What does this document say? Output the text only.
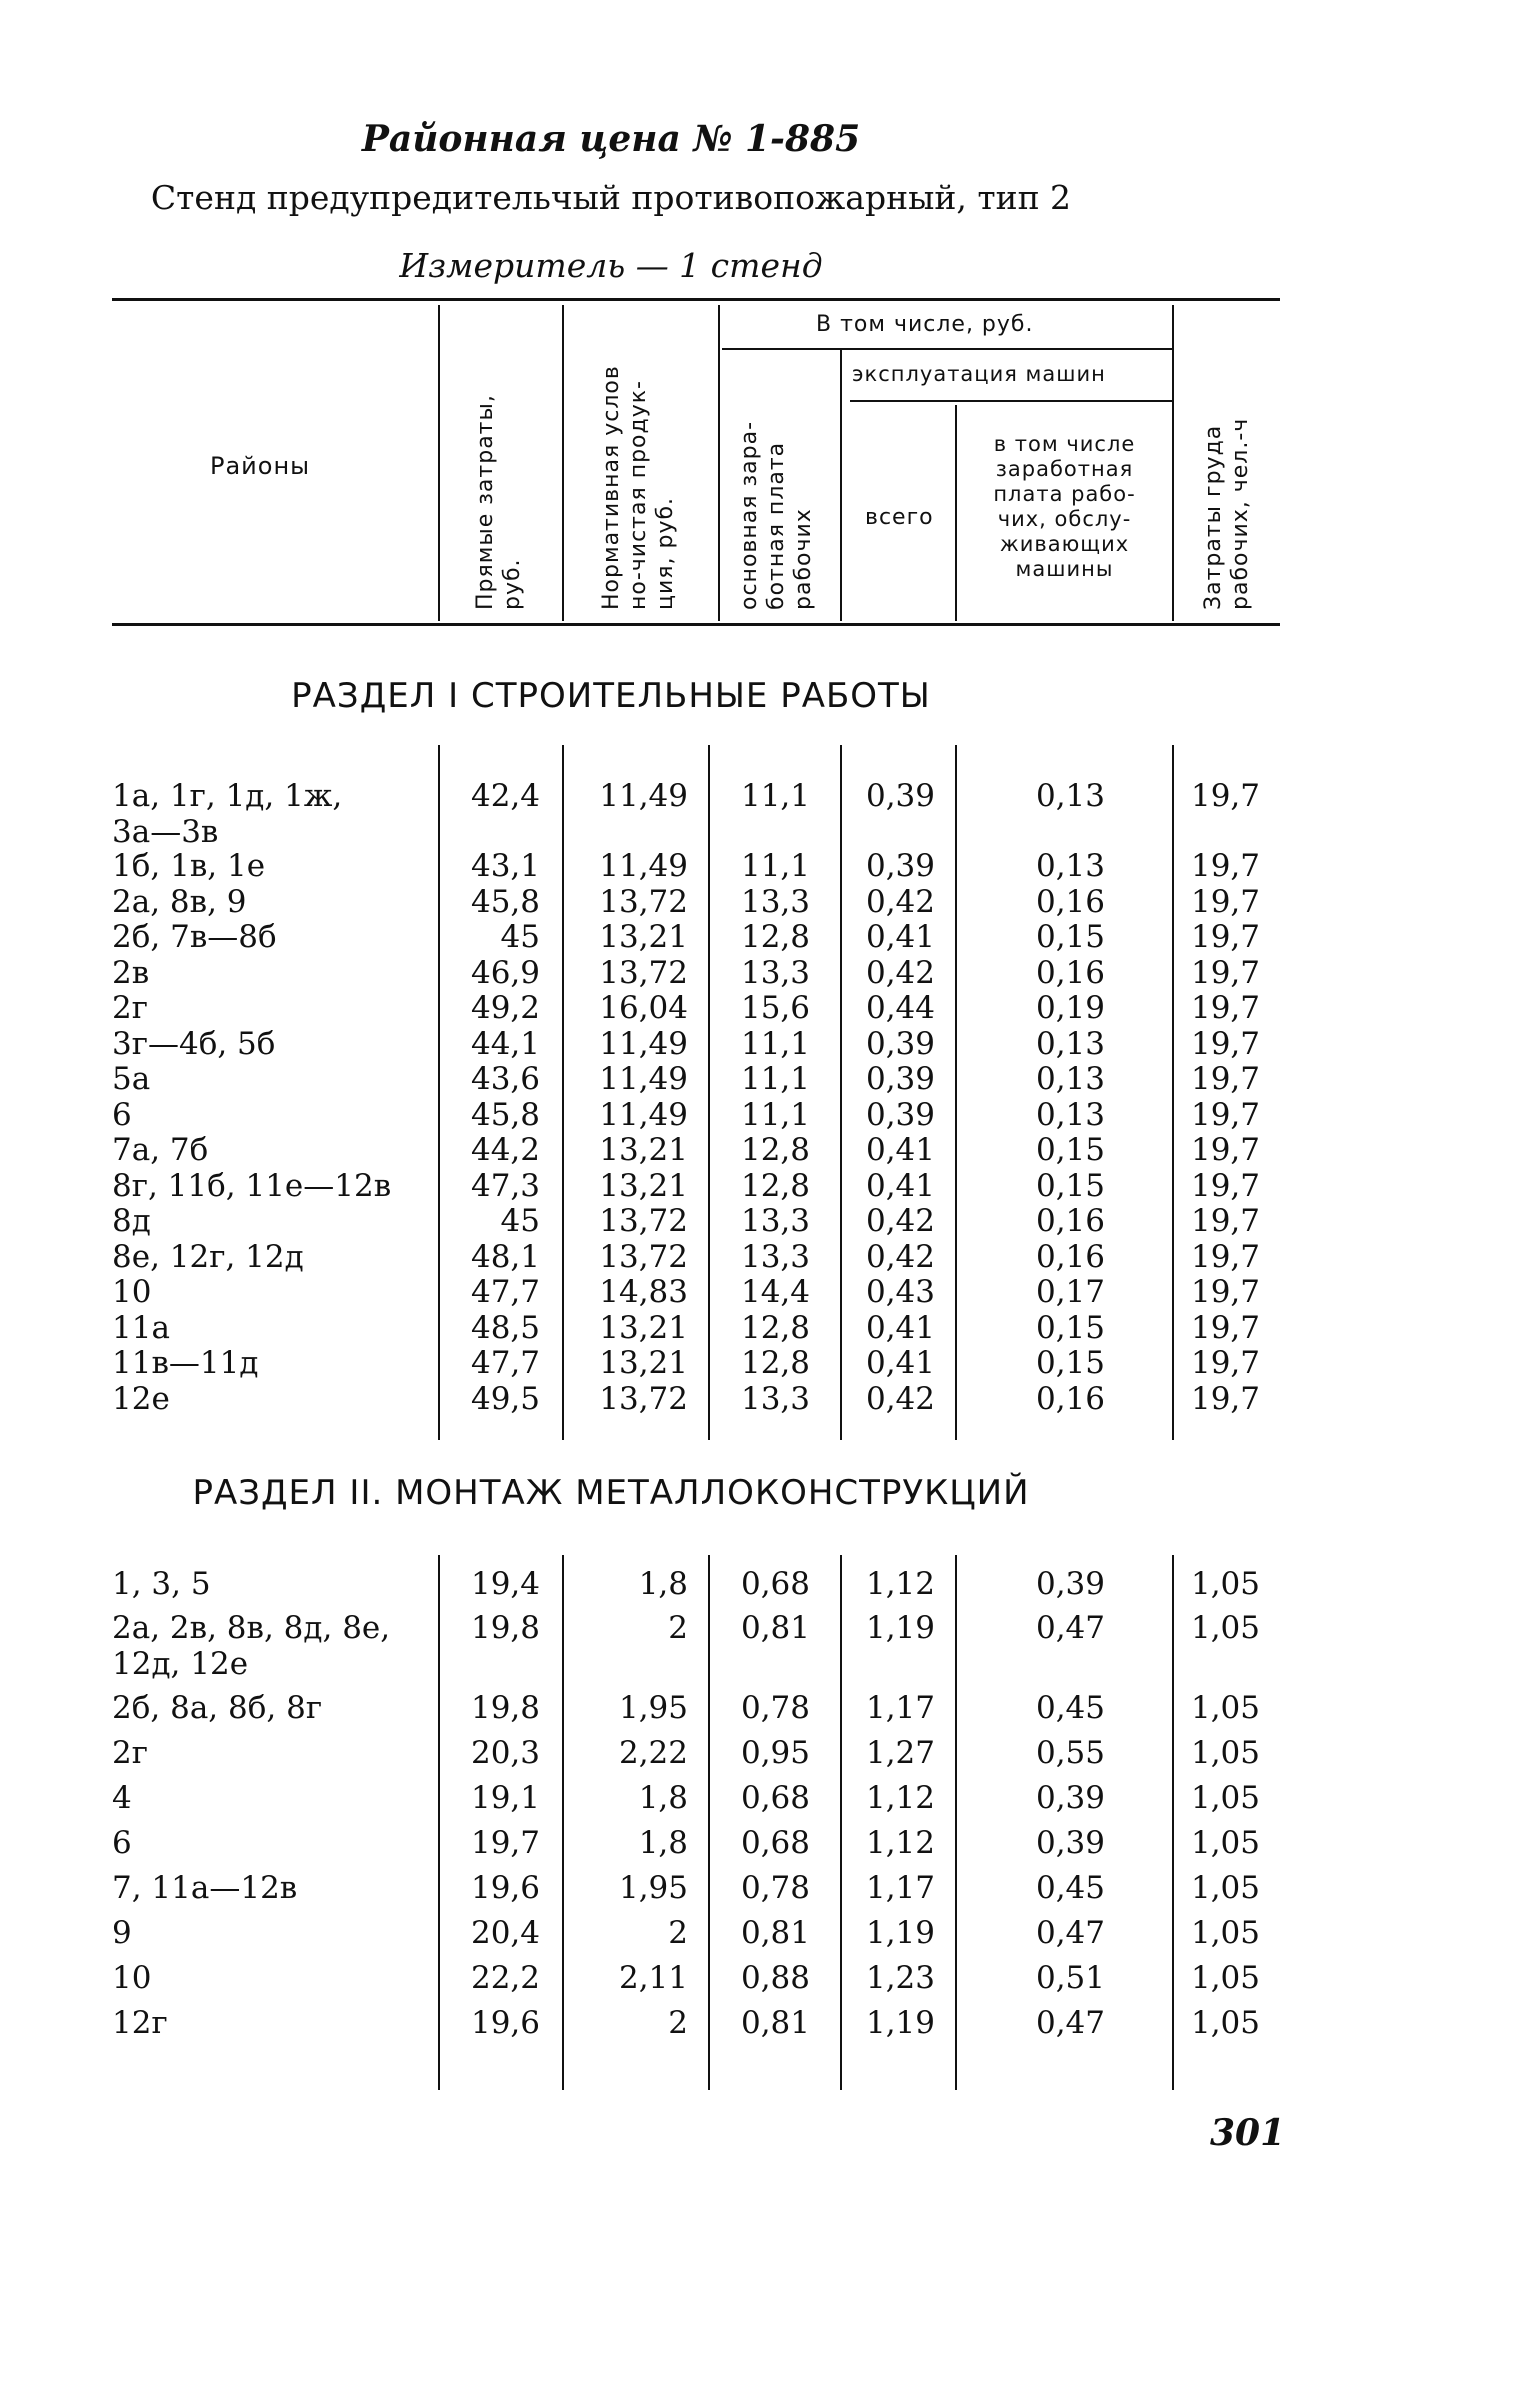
Районная цена № 1-885
Стенд предупредительчый противопожарный, тип 2
Измеритель — 1 стенд
Районы
Прямые затраты,
руб.	Нормативная услов
но-чистая продук-
ция, руб.
В том числе, руб.
основная зара-
ботная плата
рабочих
эксплуатация машин
всего
в том числе
заработная
плата рабо-
чих, обслу-
живающих
машины	Затраты груда
рабочих, чел.-ч
РАЗДЕЛ I СТРОИТЕЛЬНЫЕ РАБОТЫ
1а, 1г, 1д, 1ж,
3а—3в
42,4 11,49 11,1 0,39	0,13	19,7
1б, 1в, 1е	43,1 11,49 11,1 0,39	0,13	19,7
2а, 8в, 9	45,8 13,72 13,3 0,42	0,16	19,7
2б, 7в—8б	45 13,21 12,8 0,41	0,15	19,7
2в	46,9 13,72 13,3 0,42	0,16	19,7
2г	49,2 16,04 15,6 0,44	0,19	19,7
3г—4б, 5б	44,1 11,49 11,1 0,39	0,13	19,7
5а	43,6 11,49 11,1 0,39	0,13	19,7
6	45,8 11,49 11,1 0,39	0,13	19,7
7а, 7б	44,2 13,21 12,8 0,41	0,15	19,7
8г, 11б, 11е—12в	47,3 13,21 12,8 0,41	0,15	19,7
8д	45 13,72 13,3 0,42	0,16	19,7
8е, 12г, 12д	48,1 13,72 13,3 0,42	0,16	19,7
10	47,7 14,83 14,4 0,43	0,17	19,7
11а	48,5 13,21 12,8 0,41	0,15	19,7
11в—11д	47,7 13,21 12,8 0,41	0,15	19,7
12е	49,5 13,72 13,3 0,42	0,16	19,7
РАЗДЕЛ II. МОНТАЖ МЕТАЛЛОКОНСТРУКЦИЙ
1, 3, 5	19,4	1,8 0,68 1,12	0,39	1,05
2а, 2в, 8в, 8д, 8е,
12д, 12е
19,8	2 0,81 1,19	0,47	1,05
2б, 8а, 8б, 8г	19,8	1,95 0,78 1,17	0,45	1,05
2г	20,3	2,22 0,95 1,27	0,55	1,05
4	19,1	1,8 0,68 1,12	0,39	1,05
6	19,7	1,8 0,68 1,12	0,39	1,05
7, 11а—12в	19,6	1,95 0,78 1,17	0,45	1,05
9	20,4	2 0,81 1,19	0,47	1,05
10	22,2	2,11 0,88 1,23	0,51	1,05
12г	19,6	2 0,81 1,19	0,47	1,05
301
